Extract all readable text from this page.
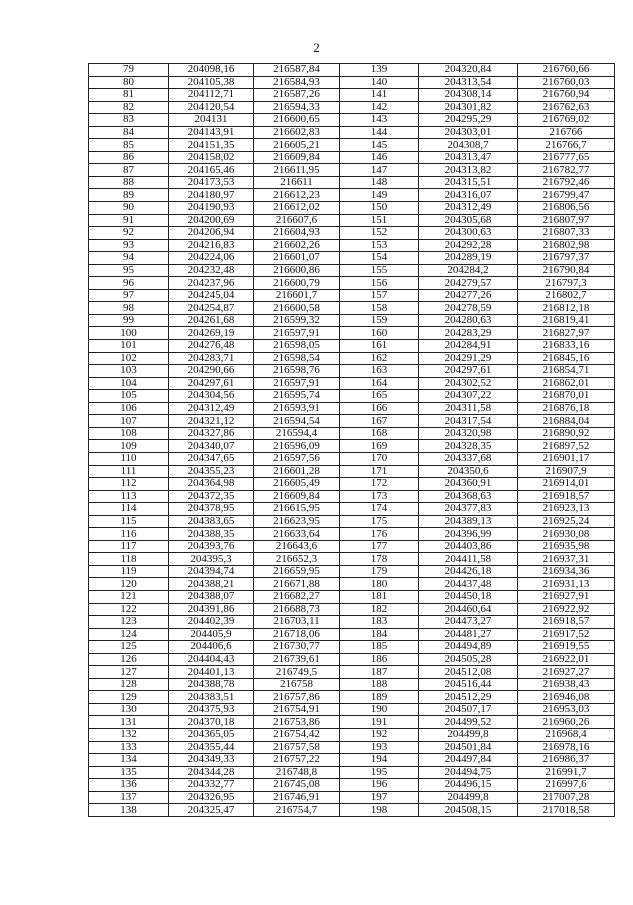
2
79	204098,16	216587,84	139	204320,84	216760,66
80	204105,38	216584,93	140	204313,54	216760,03
81	204112,71	216587,26	141	204308,14	216760,94
82	204120,54	216594,33	142	204301,82	216762,63
83	204131	216600,65	143	204295,29	216769,02
84	204143,91	216602,83	144	204303,01	216766
85	204151,35	216605,21	145	204308,7	216766,7
86	204158,02	216609,84	146	204313,47	216777,65
87	204165,46	216611,95	147	204313,82	216782,77
88	204173,53	216611	148	204315,51	216792,46
89	204180,97	216612,23	149	204316,07	216799,47
90	204190,93	216612,02	150	204312,49	216806,56
91	204200,69	216607,6	151	204305,68	216807,97
92	204206,94	216604,93	152	204300,63	216807,33
93	204216,83	216602,26	153	204292,28	216802,98
94	204224,06	216601,07	154	204289,19	216797,37
95	204232,48	216600,86	155	204284,2	216790,84
96	204237,96	216600,79	156	204279,57	216797,3
97	204245,04	216601,7	157	204277,26	216802,7
98	204254,87	216600,58	158	204278,59	216812,18
99	204261,68	216599,32	159	204280,63	216819,41
100	204269,19	216597,91	160	204283,29	216827,97
101	204276,48	216598,05	161	204284,91	216833,16
102	204283,71	216598,54	162	204291,29	216845,16
103	204290,66	216598,76	163	204297,61	216854,71
104	204297,61	216597,91	164	204302,52	216862,01
105	204304,56	216595,74	165	204307,22	216870,01
106	204312,49	216593,91	166	204311,58	216876,18
107	204321,12	216594,54	167	204317,54	216884,04
108	204327,86	216594,4	168	204320,98	216890,92
109	204340,07	216596,09	169	204328,35	216897,52
110	204347,65	216597,56	170	204337,68	216901,17
111	204355,23	216601,28	171	204350,6	216907,9
112	204364,98	216605,49	172	204360,91	216914,01
113	204372,35	216609,84	173	204368,63	216918,57
114	204378,95	216615,95	174	204377,83	216923,13
115	204383,65	216623,95	175	204389,13	216925,24
116	204388,35	216633,64	176	204396,99	216930,08
117	204393,76	216643,6	177	204403,86	216935,98
118	204395,3	216652,3	178	204411,58	216937,31
119	204394,74	216659,95	179	204426,18	216934,36
120	204388,21	216671,88	180	204437,48	216931,13
121	204388,07	216682,27	181	204450,18	216927,91
122	204391,86	216688,73	182	204460,64	216922,92
123	204402,39	216703,11	183	204473,27	216918,57
124	204405,9	216718,06	184	204481,27	216917,52
125	204406,6	216730,77	185	204494,89	216919,55
126	204404,43	216739,61	186	204505,28	216922,01
127	204401,13	216749,5	187	204512,08	216927,27
128	204388,78	216758	188	204516,44	216938,43
129	204383,51	216757,86	189	204512,29	216946,08
130	204375,93	216754,91	190	204507,17	216953,03
131	204370,18	216753,86	191	204499,52	216960,26
132	204365,05	216754,42	192	204499,8	216968,4
133	204355,44	216757,58	193	204501,84	216978,16
134	204349,33	216757,22	194	204497,84	216986,37
135	204344,28	216748,8	195	204494,75	216991,7
136	204332,77	216745,08	196	204496,15	216997,6
137	204326,95	216746,91	197	204499,8	217007,28
138	204325,47	216754,7	198	204508,15	217018,58
